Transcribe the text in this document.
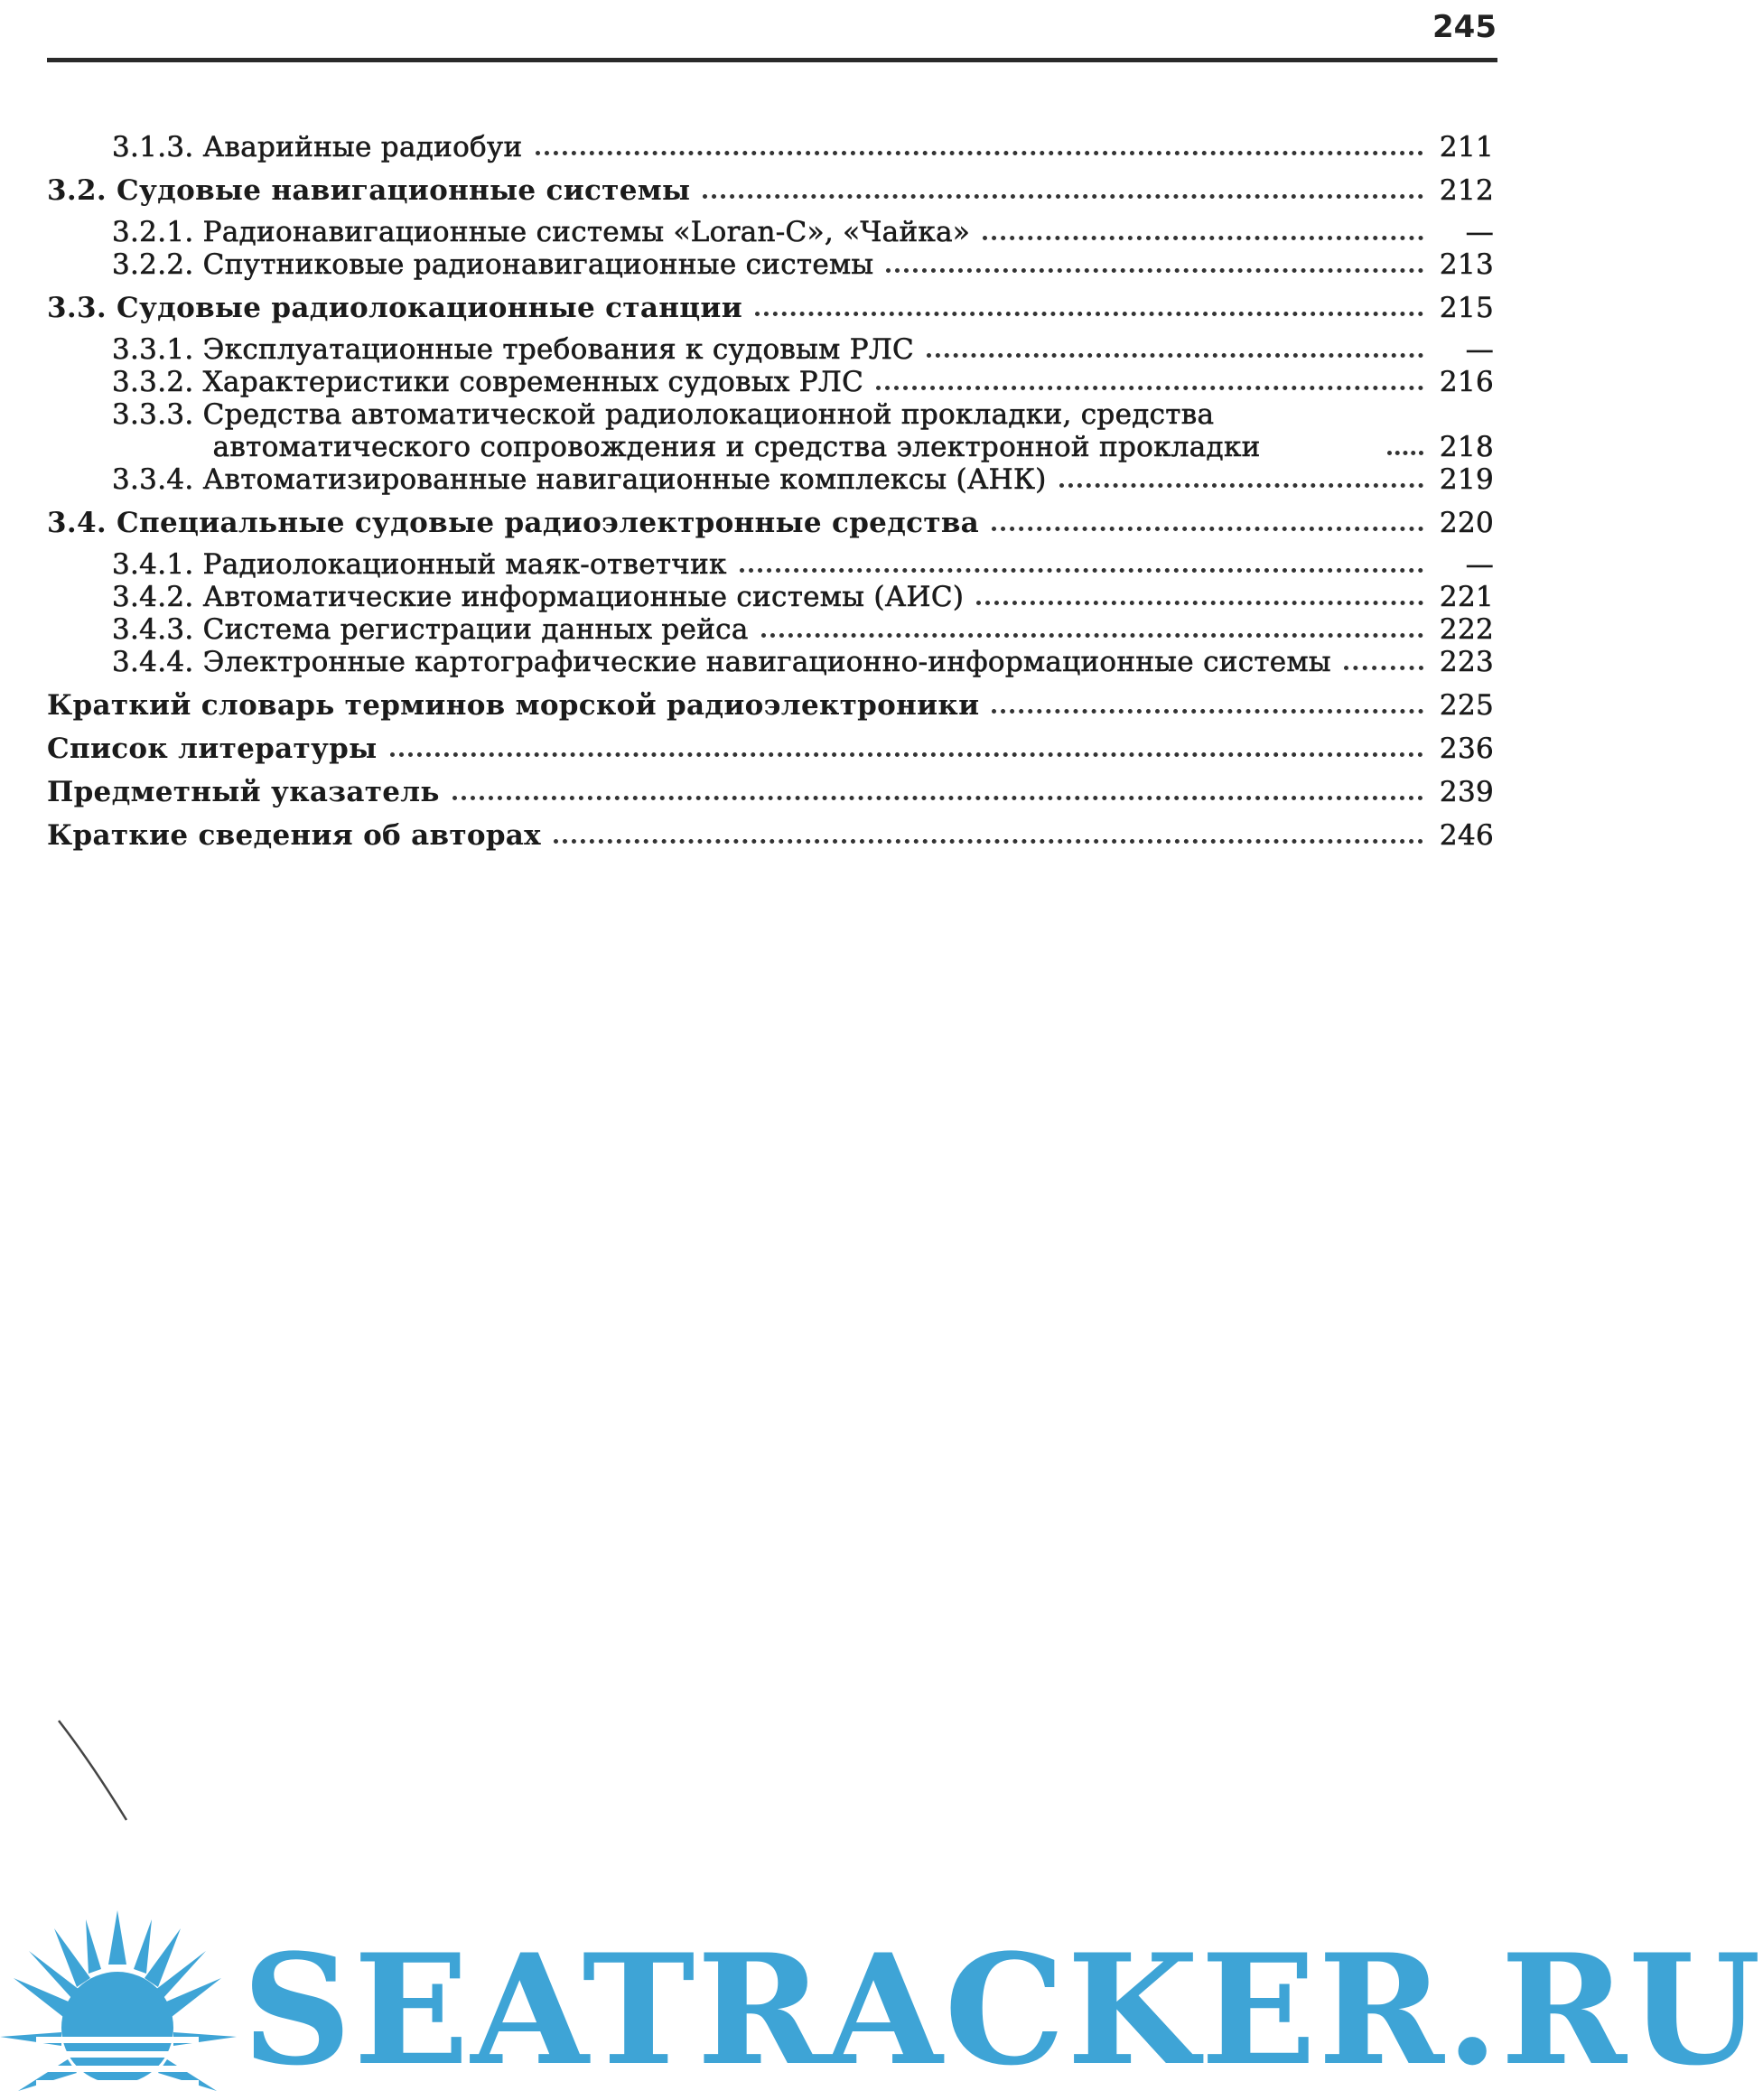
245
3.1.3. Аварийные радиобуи	211
3.2. Судовые навигационные системы	212
3.2.1. Радионавигационные системы «Loran-C», «Чайка»	—
3.2.2. Спутниковые радионавигационные системы	213
3.3. Судовые радиолокационные станции	215
3.3.1. Эксплуатационные требования к судовым РЛС	—
3.3.2. Характеристики современных судовых РЛС	216
3.3.3. Средства автоматической радиолокационной прокладки, средства автоматического сопровождения и средства электронной прокладки	218
3.3.4. Автоматизированные навигационные комплексы (АНК)	219
3.4. Специальные судовые радиоэлектронные средства	220
3.4.1. Радиолокационный маяк-ответчик	—
3.4.2. Автоматические информационные системы (АИС)	221
3.4.3. Система регистрации данных рейса	222
3.4.4. Электронные картографические навигационно-информационные системы	223
Краткий словарь терминов морской радиоэлектроники	225
Список литературы	236
Предметный указатель	239
Краткие сведения об авторах	246
SEATRACKER.RU
